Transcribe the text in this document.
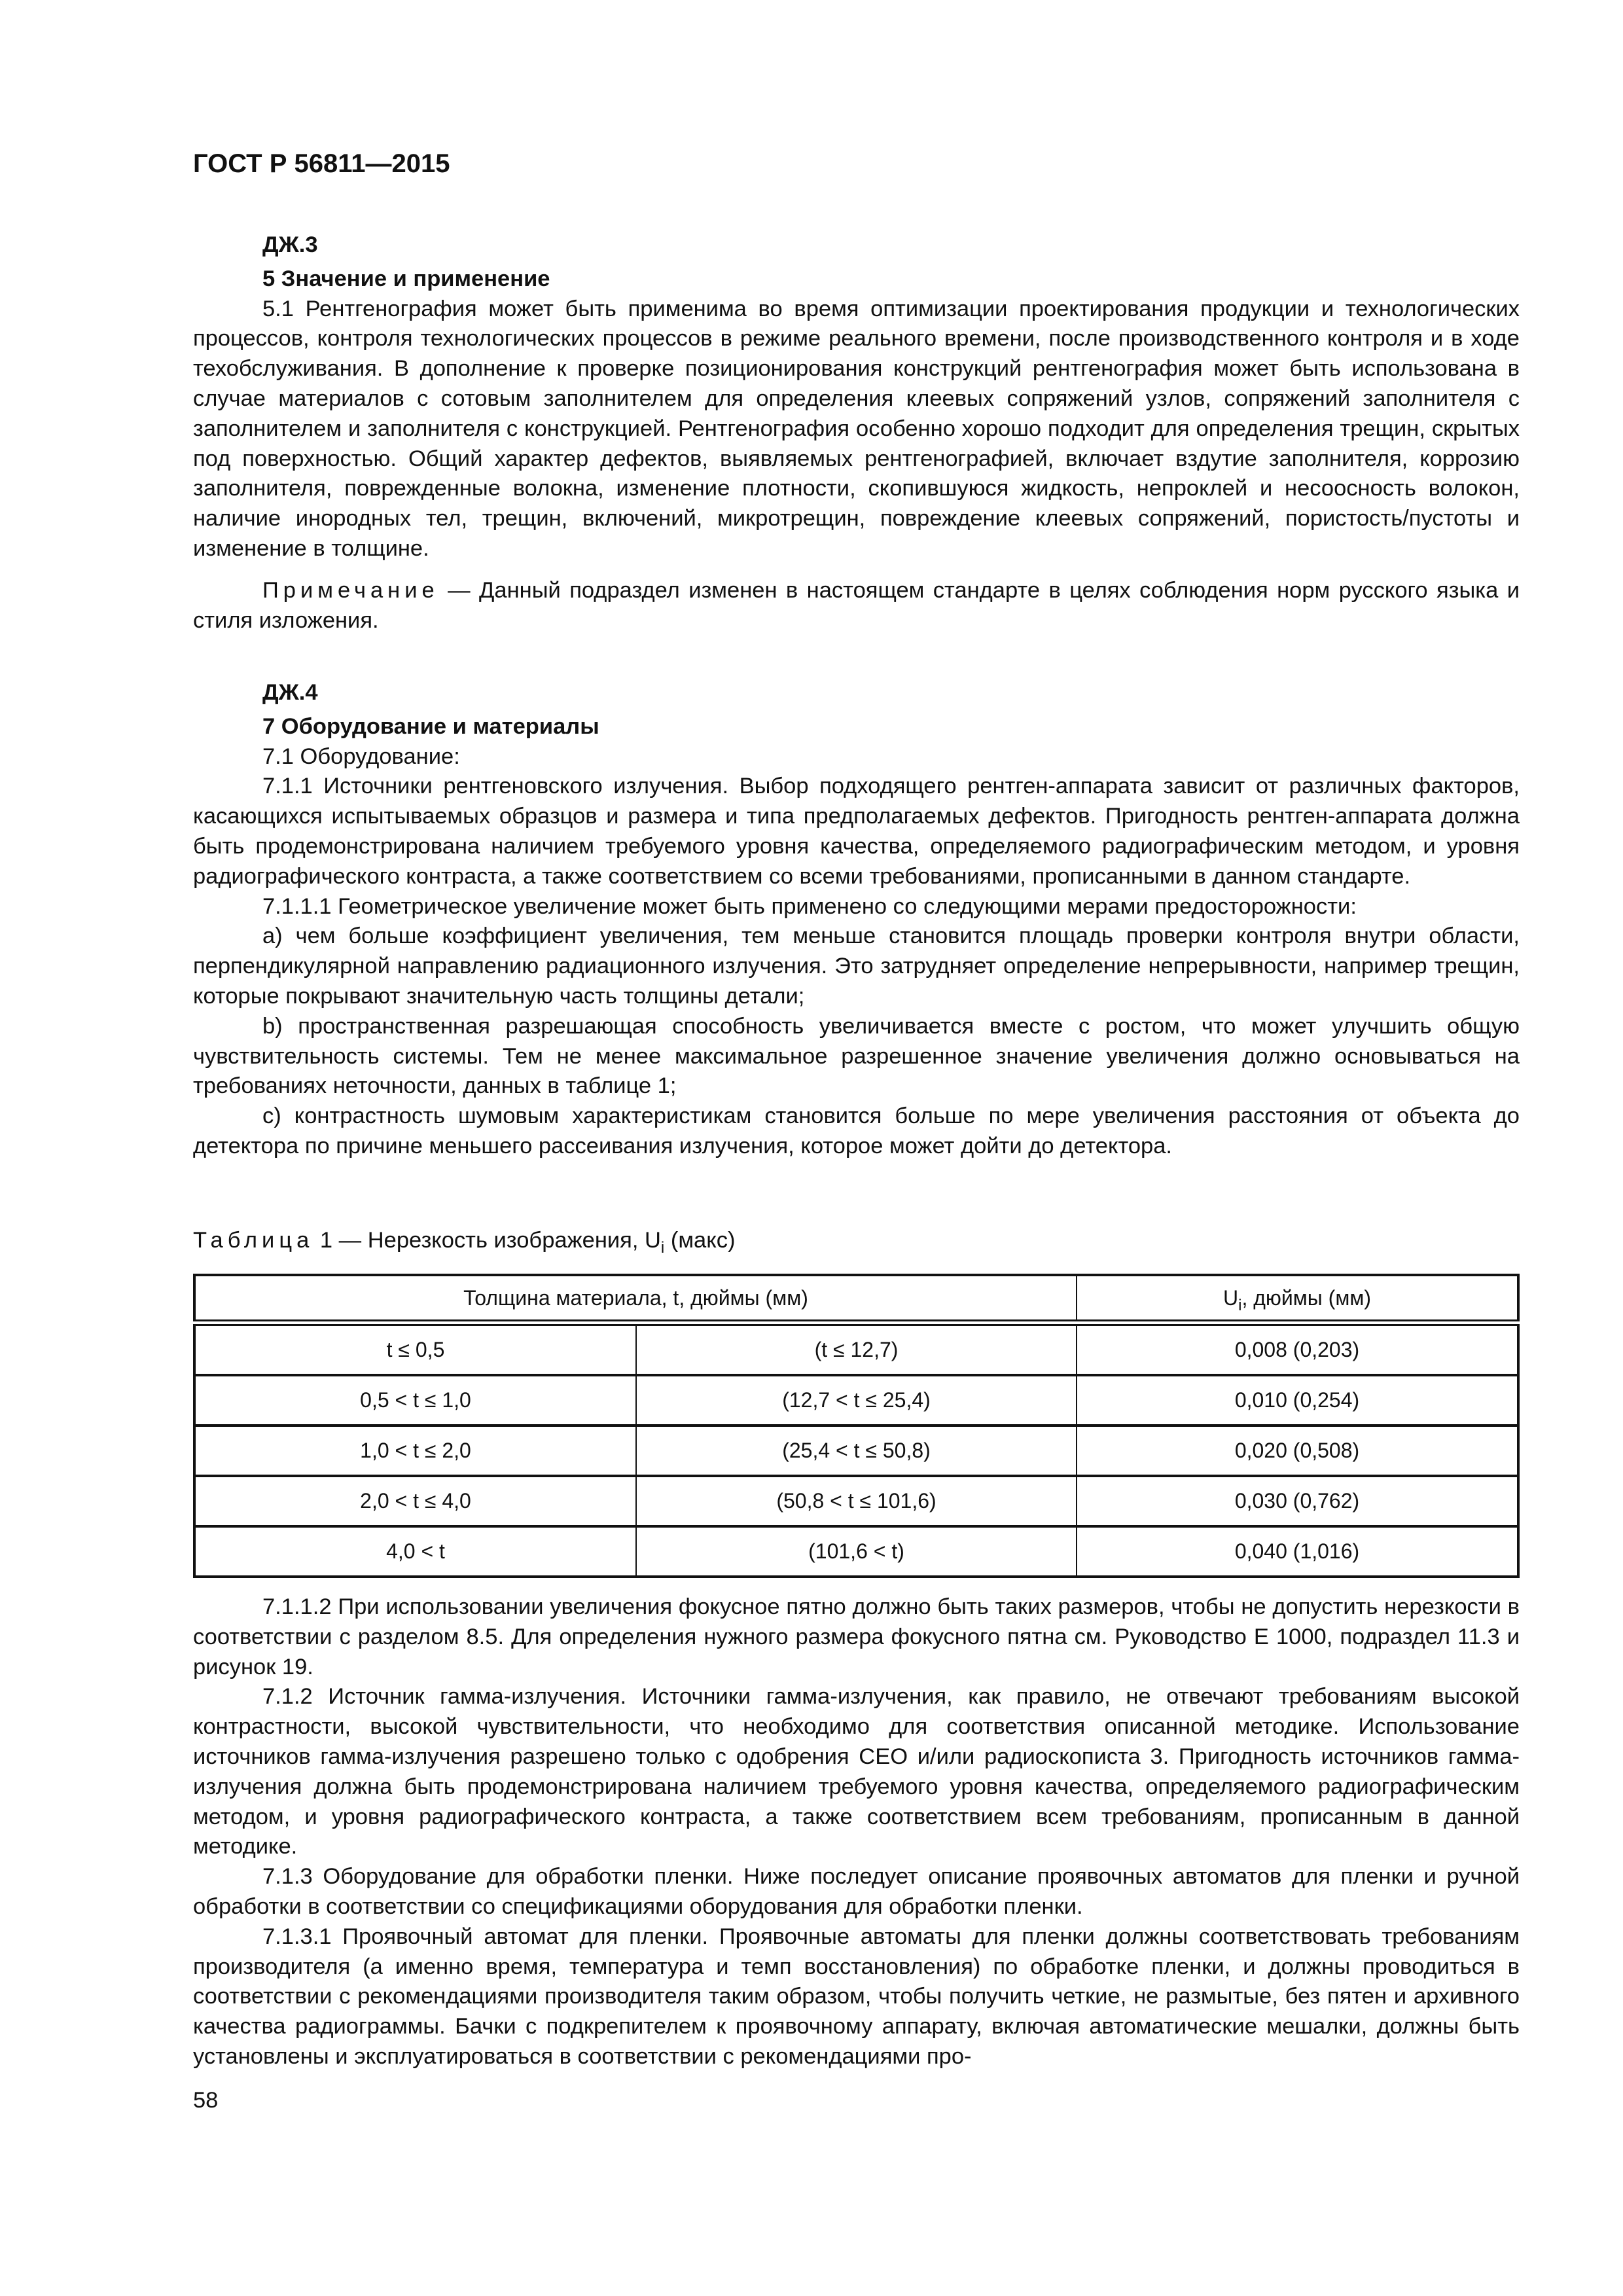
ГОСТ Р 56811—2015

ДЖ.3

5 Значение и применение

5.1 Рентгенография может быть применима во время оптимизации проектирования продукции и технологических процессов, контроля технологических процессов в режиме реального времени, после производственного контроля и в ходе техобслуживания. В дополнение к проверке позиционирования конструкций рентгенография может быть использована в случае материалов с сотовым заполнителем для определения клеевых сопряжений узлов, сопряжений заполнителя с заполнителем и заполнителя с конструкцией. Рентгенография особенно хорошо подходит для определения трещин, скрытых под поверхностью. Общий характер дефектов, выявляемых рентгенографией, включает вздутие заполнителя, коррозию заполнителя, поврежденные волокна, изменение плотности, скопившуюся жидкость, непроклей и несоосность волокон, наличие инородных тел, трещин, включений, микротрещин, повреждение клеевых сопряжений, пористость/пустоты и изменение в толщине.

Примечание — Данный подраздел изменен в настоящем стандарте в целях соблюдения норм русского языка и стиля изложения.

ДЖ.4

7 Оборудование и материалы

7.1 Оборудование:

7.1.1 Источники рентгеновского излучения. Выбор подходящего рентген-аппарата зависит от различных факторов, касающихся испытываемых образцов и размера и типа предполагаемых дефектов. Пригодность рентген-аппарата должна быть продемонстрирована наличием требуемого уровня качества, определяемого радиографическим методом, и уровня радиографического контраста, а также соответствием со всеми требованиями, прописанными в данном стандарте.

7.1.1.1 Геометрическое увеличение может быть применено со следующими мерами предосторожности:

а) чем больше коэффициент увеличения, тем меньше становится площадь проверки контроля внутри области, перпендикулярной направлению радиационного излучения. Это затрудняет определение непрерывности, например трещин, которые покрывают значительную часть толщины детали;

b) пространственная разрешающая способность увеличивается вместе с ростом, что может улучшить общую чувствительность системы. Тем не менее максимальное разрешенное значение увеличения должно основываться на требованиях неточности, данных в таблице 1;

с) контрастность шумовым характеристикам становится больше по мере увеличения расстояния от объекта до детектора по причине меньшего рассеивания излучения, которое может дойти до детектора.

Таблица 1 — Нерезкость изображения, $U_i$ (макс)
Толщина материала, t, дюймы (мм)		$U_i$, дюймы (мм)
t ≤ 0,5	(t ≤ 12,7)	0,008 (0,203)
0,5 < t ≤ 1,0	(12,7 < t ≤ 25,4)	0,010 (0,254)
1,0 < t ≤ 2,0	(25,4 < t ≤ 50,8)	0,020 (0,508)
2,0 < t ≤ 4,0	(50,8 < t ≤ 101,6)	0,030 (0,762)
4,0 < t	(101,6 < t)	0,040 (1,016)

7.1.1.2 При использовании увеличения фокусное пятно должно быть таких размеров, чтобы не допустить нерезкости в соответствии с разделом 8.5. Для определения нужного размера фокусного пятна см. Руководство Е 1000, подраздел 11.3 и рисунок 19.

7.1.2 Источник гамма-излучения. Источники гамма-излучения, как правило, не отвечают требованиям высокой контрастности, высокой чувствительности, что необходимо для соответствия описанной методике. Использование источников гамма-излучения разрешено только с одобрения СЕО и/или радиоскописта 3. Пригодность источников гамма-излучения должна быть продемонстрирована наличием требуемого уровня качества, определяемого радиографическим методом, и уровня радиографического контраста, а также соответствием всем требованиям, прописанным в данной методике.

7.1.3 Оборудование для обработки пленки. Ниже последует описание проявочных автоматов для пленки и ручной обработки в соответствии со спецификациями оборудования для обработки пленки.

7.1.3.1 Проявочный автомат для пленки. Проявочные автоматы для пленки должны соответствовать требованиям производителя (а именно время, температура и темп восстановления) по обработке пленки, и должны проводиться в соответствии с рекомендациями производителя таким образом, чтобы получить четкие, не размытые, без пятен и архивного качества радиограммы. Бачки с подкрепителем к проявочному аппарату, включая автоматические мешалки, должны быть установлены и эксплуатироваться в соответствии с рекомендациями про-

58
